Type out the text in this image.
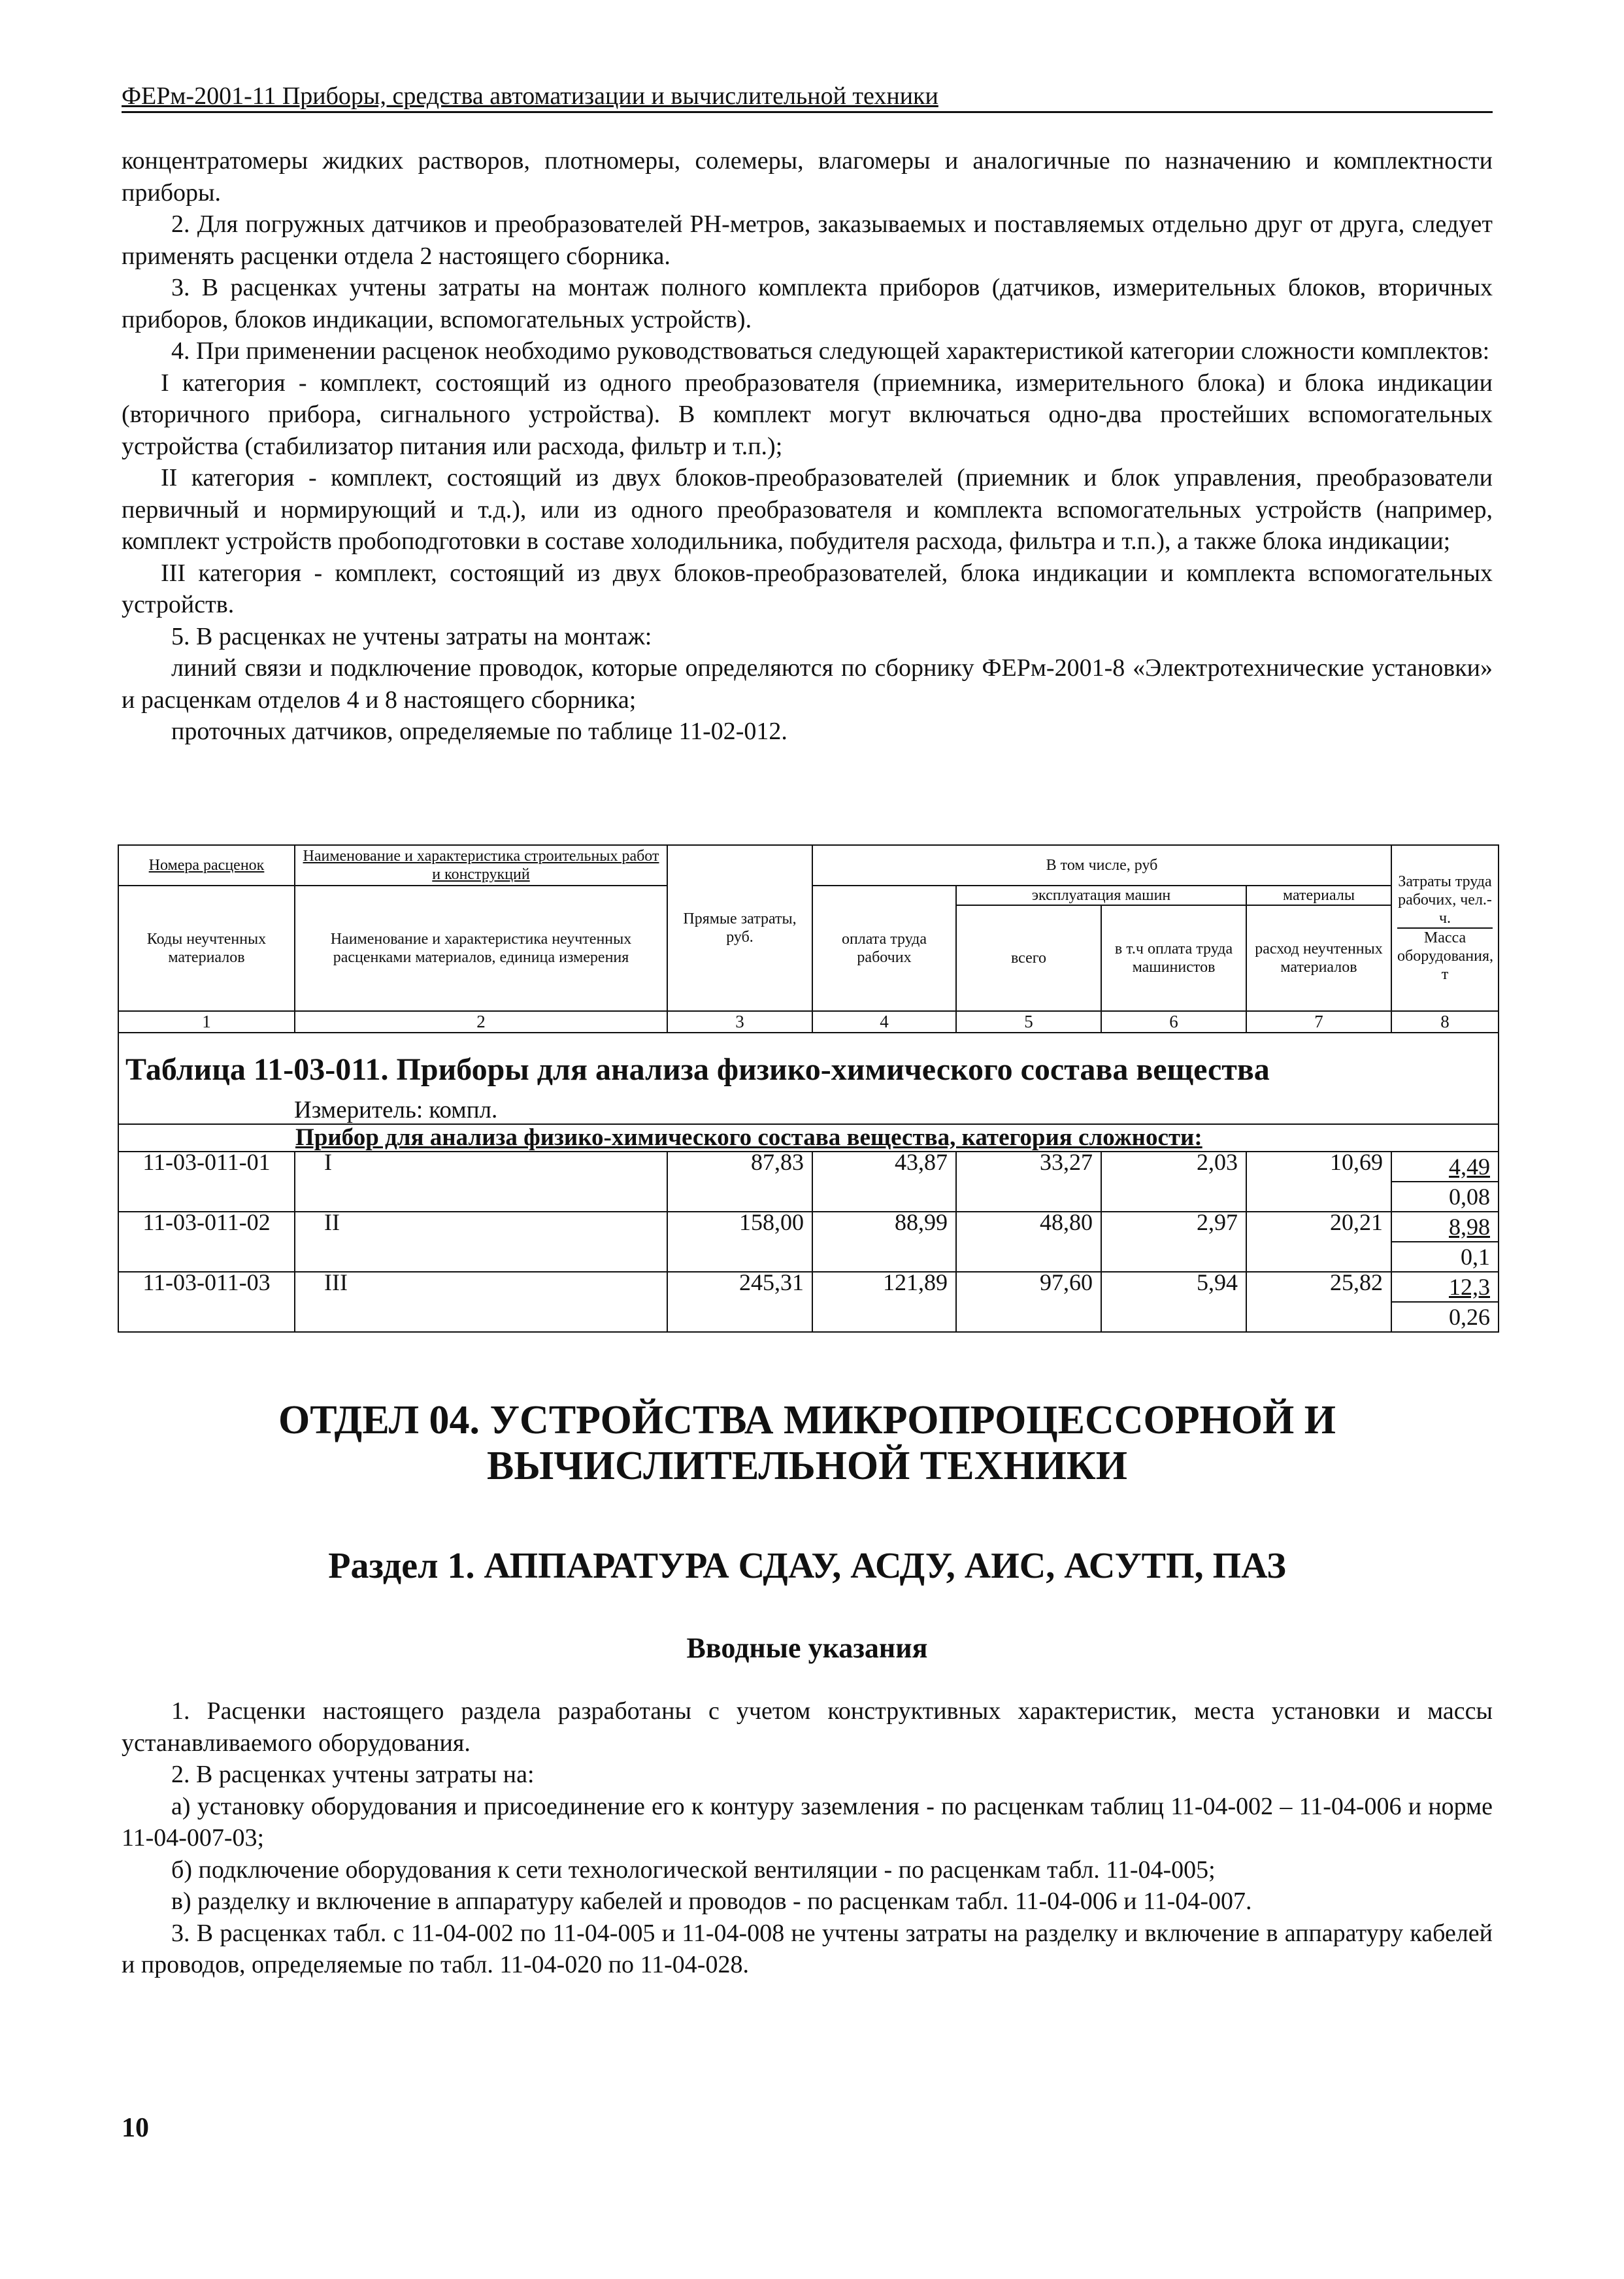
ФЕРм-2001-11 Приборы, средства автоматизации и вычислительной техники

концентратомеры жидких растворов, плотномеры, солемеры, влагомеры и аналогичные по назначению и комплектности приборы.

2. Для погружных датчиков и преобразователей PH-метров, заказываемых и поставляемых отдельно друг от друга, следует применять расценки отдела 2 настоящего сборника.

3. В расценках учтены затраты на монтаж полного комплекта приборов (датчиков, измерительных блоков, вторичных приборов, блоков индикации, вспомогательных устройств).

4. При применении расценок необходимо руководствоваться следующей характеристикой категории сложности комплектов:

I категория - комплект, состоящий из одного преобразователя (приемника, измерительного блока) и блока индикации (вторичного прибора, сигнального устройства). В комплект могут включаться одно-два простейших вспомогательных устройства (стабилизатор питания или расхода, фильтр и т.п.);

II категория - комплект, состоящий из двух блоков-преобразователей (приемник и блок управления, преобразователи первичный и нормирующий и т.д.), или из одного преобразователя и комплекта вспомогательных устройств (например, комплект устройств пробоподготовки в составе холодильника, побудителя расхода, фильтра и т.п.), а также блока индикации;

III категория - комплект, состоящий из двух блоков-преобразователей, блока индикации и комплекта вспомогательных устройств.

5. В расценках не учтены затраты на монтаж:

линий связи и подключение проводок, которые определяются по сборнику ФЕРм-2001-8 «Электротехнические установки» и расценкам отделов 4 и 8 настоящего сборника;

проточных датчиков, определяемые по таблице 11-02-012.

Номера расценок	Наименование и характеристика строительных работ и конструкций	Прямые затраты, руб.	В том числе, руб				Затраты труда рабочих, чел.-ч.
Масса оборудования, т
Коды неучтенных материалов	Наименование и характеристика неучтенных расценками материалов, единица измерения		оплата труда рабочих	эксплуатация машин		материалы	
				всего	в т.ч оплата труда машинистов	расход неучтенных материалов	
1	2	3	4	5	6	7	8
Таблица 11-03-011. Приборы для анализа физико-химического состава вещества							
Измеритель: компл.							
Прибор для анализа физико-химического состава вещества, категория сложности:							
11-03-011-01	I	87,83	43,87	33,27	2,03	10,69	4,49
							0,08
11-03-011-02	II	158,00	88,99	48,80	2,97	20,21	8,98
							0,1
11-03-011-03	III	245,31	121,89	97,60	5,94	25,82	12,3
							0,26
ОТДЕЛ 04. УСТРОЙСТВА МИКРОПРОЦЕССОРНОЙ И
ВЫЧИСЛИТЕЛЬНОЙ ТЕХНИКИ
Раздел 1. АППАРАТУРА СДАУ, АСДУ, АИС, АСУТП, ПАЗ
Вводные указания

1. Расценки настоящего раздела разработаны с учетом конструктивных характеристик, места установки и массы устанавливаемого оборудования.

2. В расценках учтены затраты на:

а) установку оборудования и присоединение его к контуру заземления - по расценкам таблиц 11-04-002 – 11-04-006 и норме 11-04-007-03;

б) подключение оборудования к сети технологической вентиляции - по расценкам табл. 11-04-005;

в) разделку и включение в аппаратуру кабелей и проводов - по расценкам табл. 11-04-006 и 11-04-007.

3. В расценках табл. с 11-04-002 по 11-04-005 и 11-04-008 не учтены затраты на разделку и включение в аппаратуру кабелей и проводов, определяемые по табл. 11-04-020 по 11-04-028.

10
